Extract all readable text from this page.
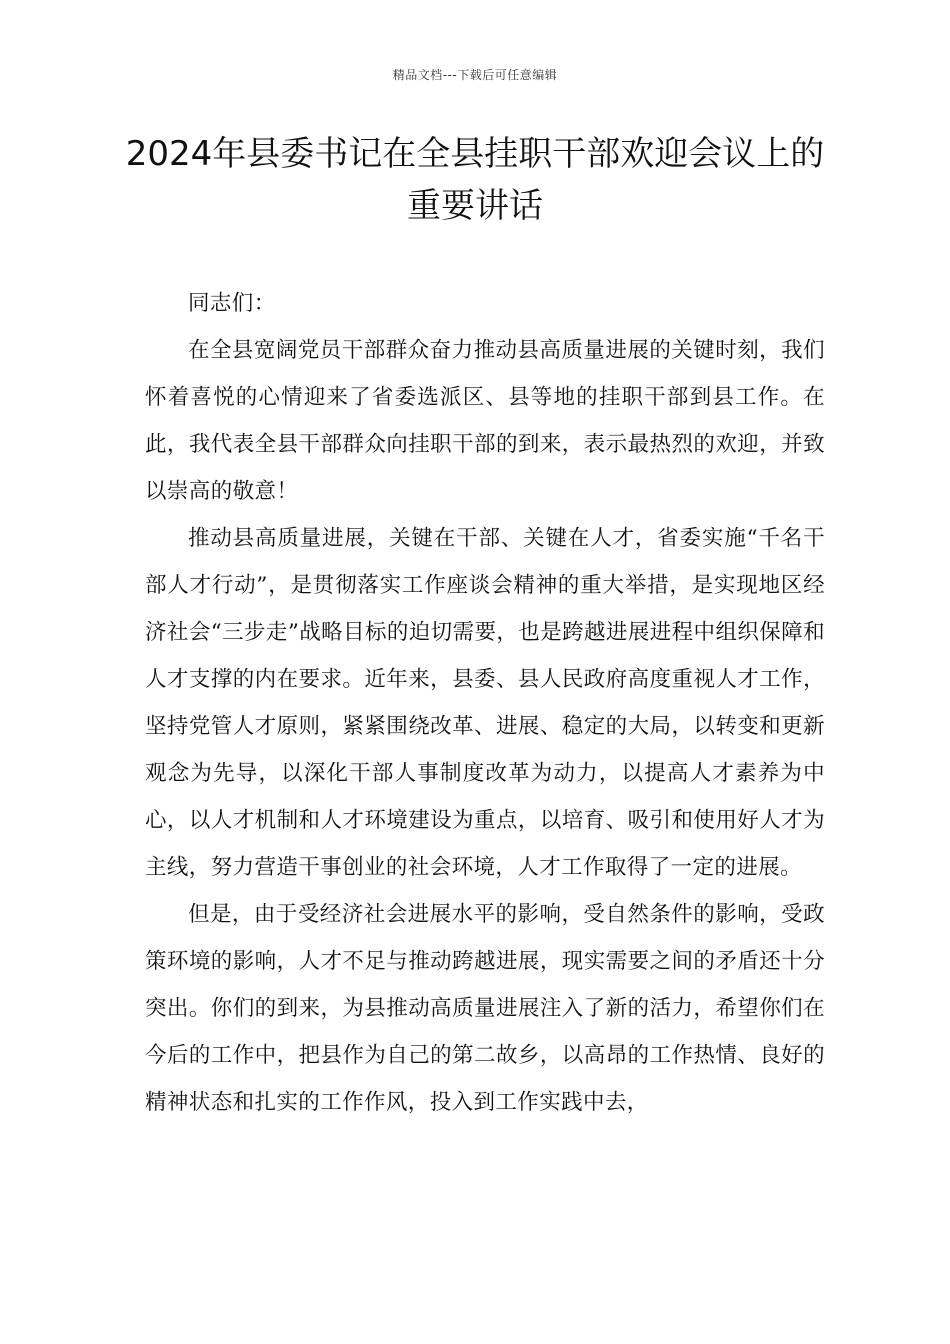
精品文档---下载后可任意编辑
2024年县委书记在全县挂职干部欢迎会议上的重要讲话

同志们：

在全县宽阔党员干部群众奋力推动县高质量进展的关键时刻，我们怀着喜悦的心情迎来了省委选派区、县等地的挂职干部到县工作。在此，我代表全县干部群众向挂职干部的到来，表示最热烈的欢迎，并致以崇高的敬意！

推动县高质量进展，关键在干部、关键在人才，省委实施“千名干部人才行动”，是贯彻落实工作座谈会精神的重大举措，是实现地区经济社会“三步走”战略目标的迫切需要，也是跨越进展进程中组织保障和人才支撑的内在要求。近年来，县委、县人民政府高度重视人才工作，坚持党管人才原则，紧紧围绕改革、进展、稳定的大局，以转变和更新观念为先导，以深化干部人事制度改革为动力，以提高人才素养为中心，以人才机制和人才环境建设为重点，以培育、吸引和使用好人才为主线，努力营造干事创业的社会环境，人才工作取得了一定的进展。

但是，由于受经济社会进展水平的影响，受自然条件的影响，受政策环境的影响，人才不足与推动跨越进展，现实需要之间的矛盾还十分突出。你们的到来，为县推动高质量进展注入了新的活力，希望你们在今后的工作中，把县作为自己的第二故乡，以高昂的工作热情、良好的精神状态和扎实的工作作风，投入到工作实践中去，
